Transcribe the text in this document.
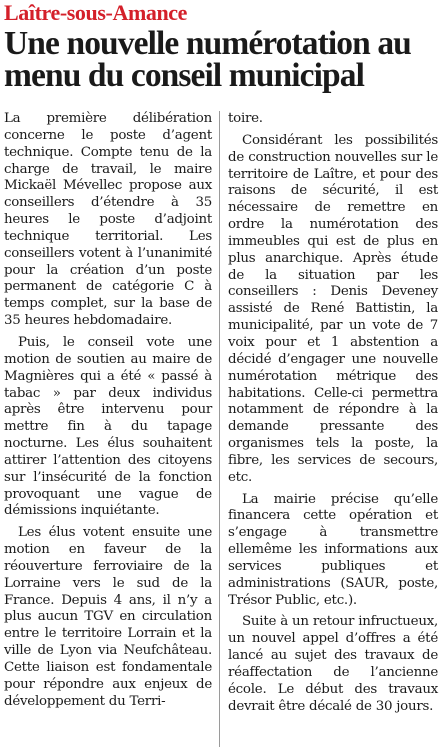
Laître-sous-Amance
Une nouvelle numérotation au menu du conseil municipal

La première délibération concerne le poste d’agent technique. Compte tenu de la charge de travail, le maire Mickaël Mévellec propose aux conseillers d’étendre à 35 heures le poste d’adjoint technique territorial. Les conseillers votent à l’unanimité pour la création d’un poste permanent de catégorie C à temps complet, sur la base de 35 heures hebdomadaire.

Puis, le conseil vote une motion de soutien au maire de Magnières qui a été « passé à tabac » par deux individus après être intervenu pour mettre fin à du tapage nocturne. Les élus souhaitent attirer l’attention des citoyens sur l’insécurité de la fonction provoquant une vague de démissions inquiétante.

Les élus votent ensuite une motion en faveur de la réouverture ferroviaire de la Lorraine vers le sud de la France. Depuis 4 ans, il n’y a plus aucun TGV en circulation entre le territoire Lorrain et la ville de Lyon via Neufchâteau. Cette liaison est fondamentale pour répondre aux enjeux de développement du Terri-

toire.

Considérant les possibilités de construction nouvelles sur le territoire de Laître, et pour des raisons de sécurité, il est nécessaire de remettre en ordre la numérotation des immeubles qui est de plus en plus anarchique. Après étude de la situation par les conseillers : Denis Deveney assisté de René Battistin, la municipalité, par un vote de 7 voix pour et 1 abstention a décidé d’engager une nouvelle numérotation métrique des habitations. Celle-ci permettra notamment de répondre à la demande pressante des organismes tels la poste, la fibre, les services de secours, etc.

La mairie précise qu’elle financera cette opération et s’engage à transmettre ellemême les informations aux services publiques et administrations (SAUR, poste, Trésor Public, etc.).

Suite à un retour infructueux, un nouvel appel d’offres a été lancé au sujet des travaux de réaffectation de l’ancienne école. Le début des travaux devrait être décalé de 30 jours.
